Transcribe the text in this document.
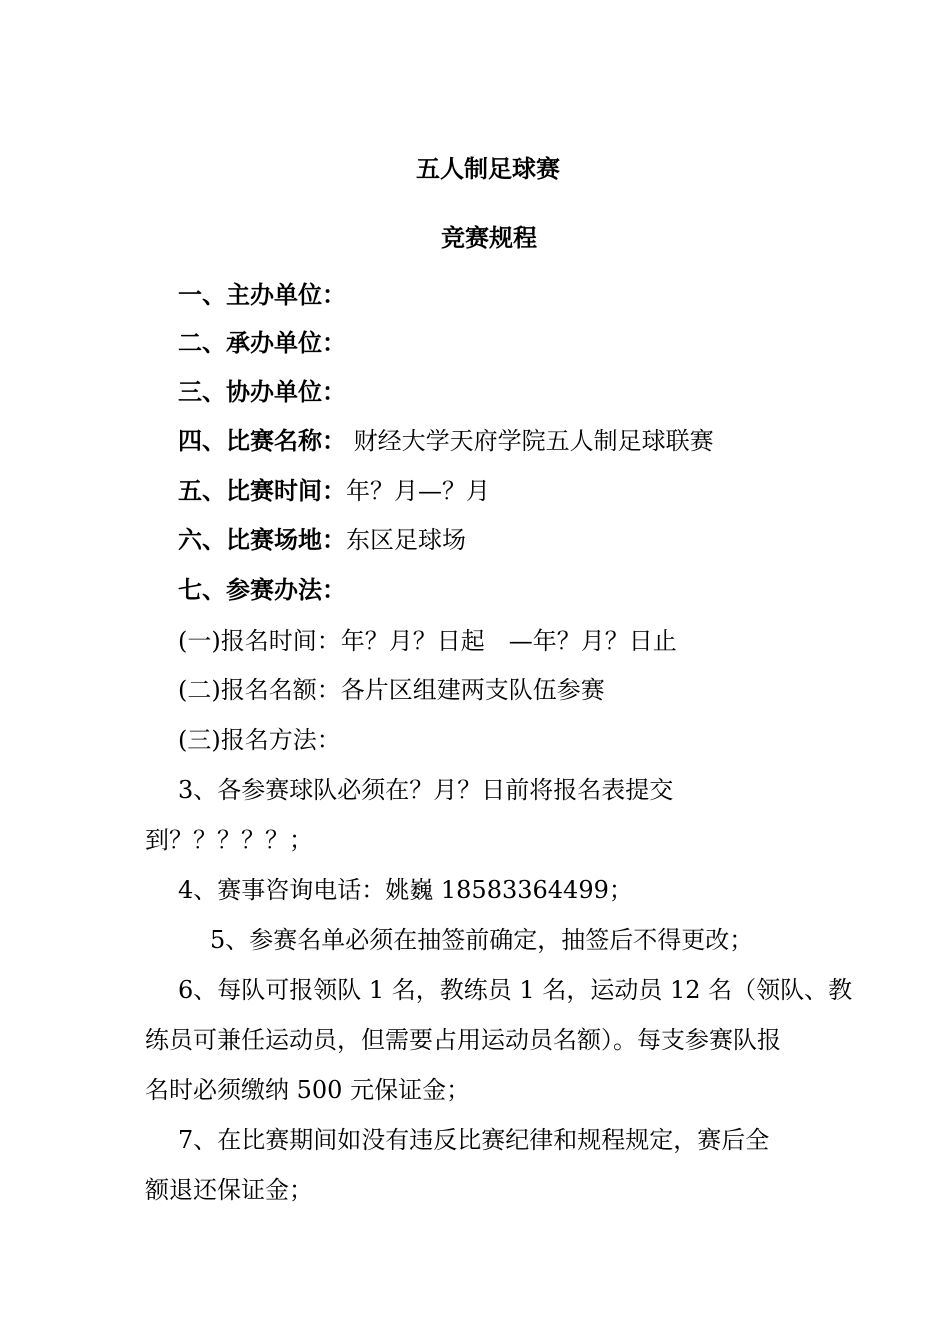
五人制足球赛
竞赛规程
一、主办单位：
二、承办单位：
三、协办单位：
四、比赛名称： 财经大学天府学院五人制足球联赛
五、比赛时间：年？月—？月
六、比赛场地：东区足球场
七、参赛办法：
(一)报名时间：年？月？日起　—年？月？日止
(二)报名名额：各片区组建两支队伍参赛
(三)报名方法：
3、各参赛球队必须在？月？日前将报名表提交
到？？？？？；
4、赛事咨询电话：姚巍 18583364499；
5、参赛名单必须在抽签前确定，抽签后不得更改；
6、每队可报领队 1 名，教练员 1 名，运动员 12 名（领队、教
练员可兼任运动员，但需要占用运动员名额）。每支参赛队报
名时必须缴纳 500 元保证金；
7、在比赛期间如没有违反比赛纪律和规程规定，赛后全
额退还保证金；
